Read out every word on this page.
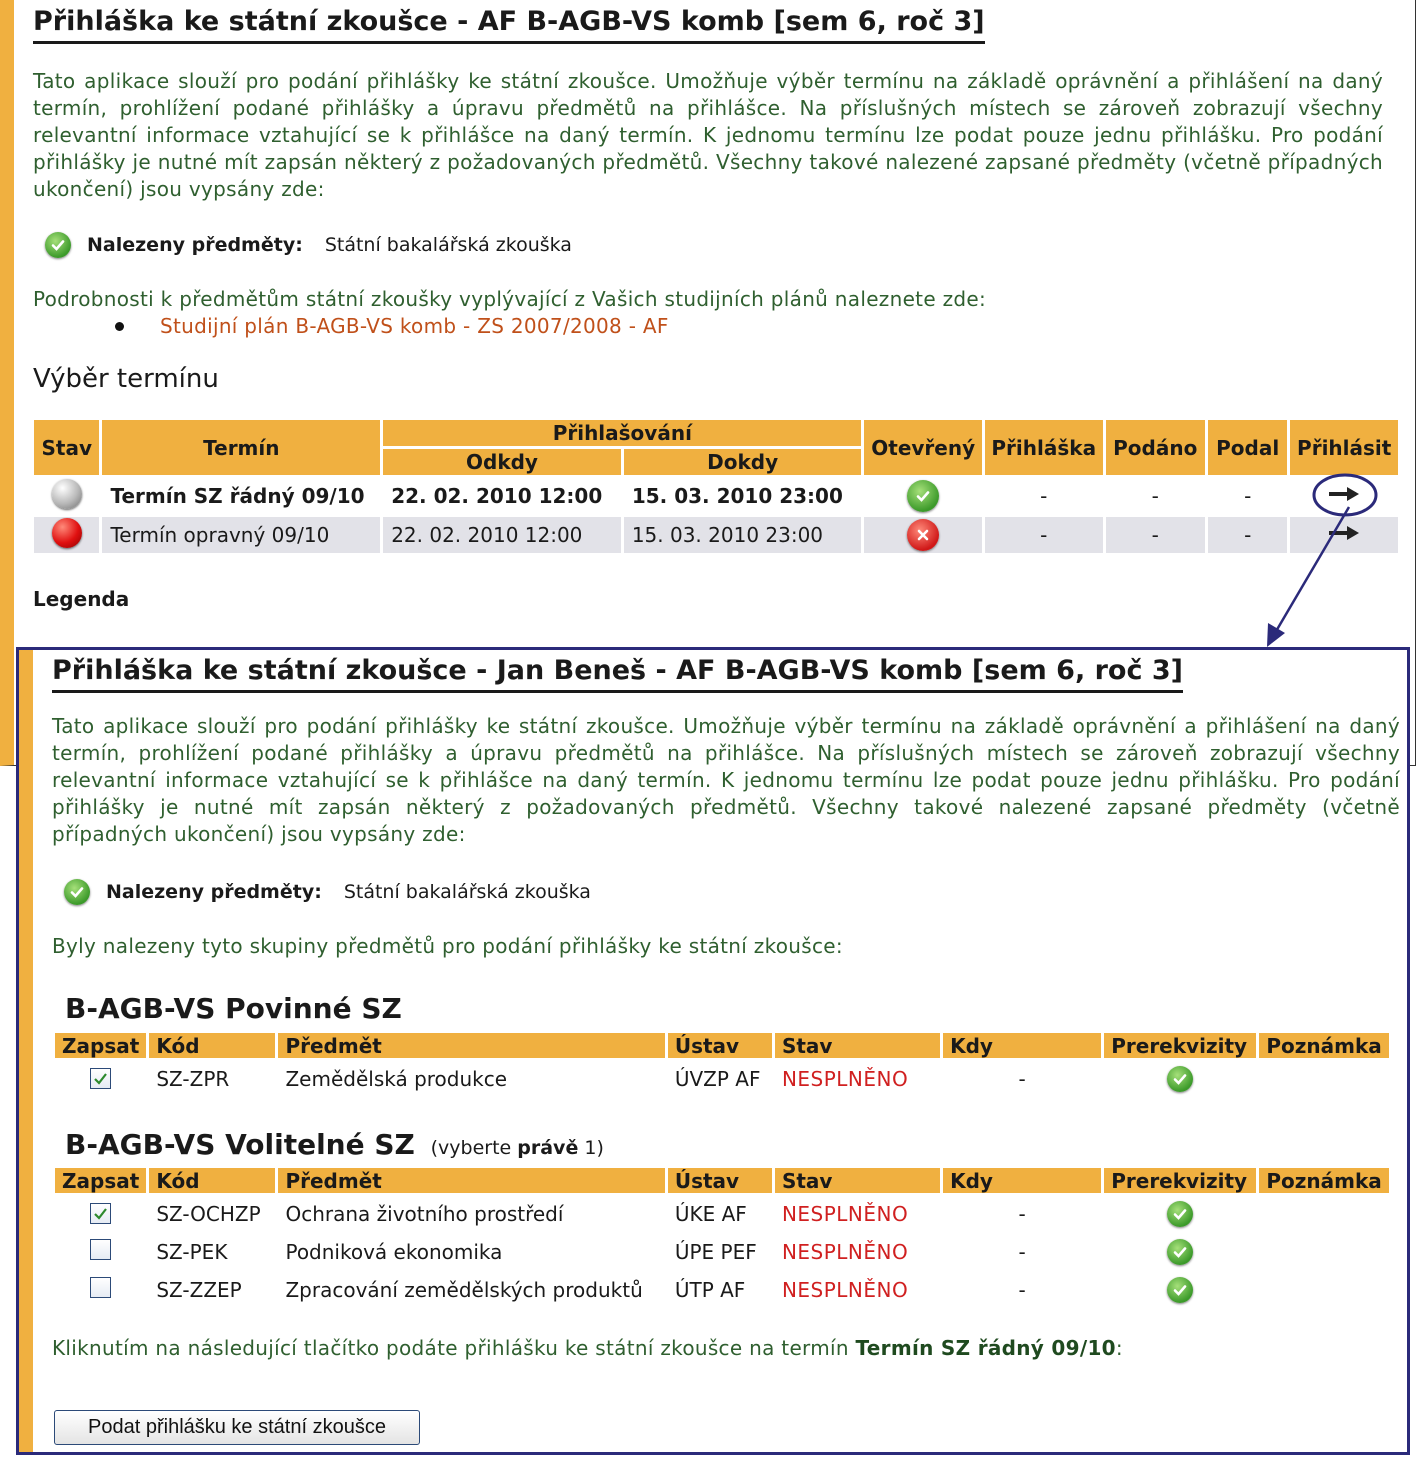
Přihláška ke státní zkoušce - AF B-AGB-VS komb [sem 6, roč 3]
Tato aplikace slouží pro podání přihlášky ke státní zkoušce. Umožňuje výběr termínu na základě oprávnění a přihlášení na daný termín, prohlížení podané přihlášky a úpravu předmětů na přihlášce. Na příslušných místech se zároveň zobrazují všechny relevantní informace vztahující se k přihlášce na daný termín. K jednomu termínu lze podat pouze jednu přihlášku. Pro podání přihlášky je nutné mít zapsán některý z požadovaných předmětů. Všechny takové nalezené zapsané předměty (včetně případných ukončení) jsou vypsány zde:
Nalezeny předměty: Státní bakalářská zkouška
Podrobnosti k předmětům státní zkoušky vyplývající z Vašich studijních plánů naleznete zde:
Studijní plán B-AGB-VS komb - ZS 2007/2008 - AF
Výběr termínu
Stav	Termín	Přihlašování		Otevřený	Přihláška	Podáno	Podal	Přihlásit
		Odkdy	Dokdy					
	Termín SZ řádný 09/10	22. 02. 2010 12:00	15. 03. 2010 23:00		-	-	-	

	Termín opravný 09/10	22. 02. 2010 12:00	15. 03. 2010 23:00		-	-	-	
Legenda
Přihláška ke státní zkoušce - Jan Beneš - AF B-AGB-VS komb [sem 6, roč 3]
Tato aplikace slouží pro podání přihlášky ke státní zkoušce. Umožňuje výběr termínu na základě oprávnění a přihlášení na daný termín, prohlížení podané přihlášky a úpravu předmětů na přihlášce. Na příslušných místech se zároveň zobrazují všechny relevantní informace vztahující se k přihlášce na daný termín. K jednomu termínu lze podat pouze jednu přihlášku. Pro podání přihlášky je nutné mít zapsán některý z požadovaných předmětů. Všechny takové nalezené zapsané předměty (včetně případných ukončení) jsou vypsány zde:
Nalezeny předměty: Státní bakalářská zkouška
Byly nalezeny tyto skupiny předmětů pro podání přihlášky ke státní zkoušce:
B-AGB-VS Povinné SZ
Zapsat	Kód	Předmět	Ústav	Stav	Kdy	Prerekvizity	Poznámka

	SZ-ZPR	Zemědělská produkce	ÚVZP AF	NESPLNĚNO	-	

B-AGB-VS Volitelné SZ (vyberte právě 1)
Zapsat	Kód	Předmět	Ústav	Stav	Kdy	Prerekvizity	Poznámka

	SZ-OCHZP	Ochrana životního prostředí	ÚKE AF	NESPLNĚNO	-	

	SZ-PEK	Podniková ekonomika	ÚPE PEF	NESPLNĚNO	-	

	SZ-ZZEP	Zpracování zemědělských produktů	ÚTP AF	NESPLNĚNO	-	

Kliknutím na následující tlačítko podáte přihlášku ke státní zkoušce na termín Termín SZ řádný 09/10:
Podat přihlášku ke státní zkoušce
